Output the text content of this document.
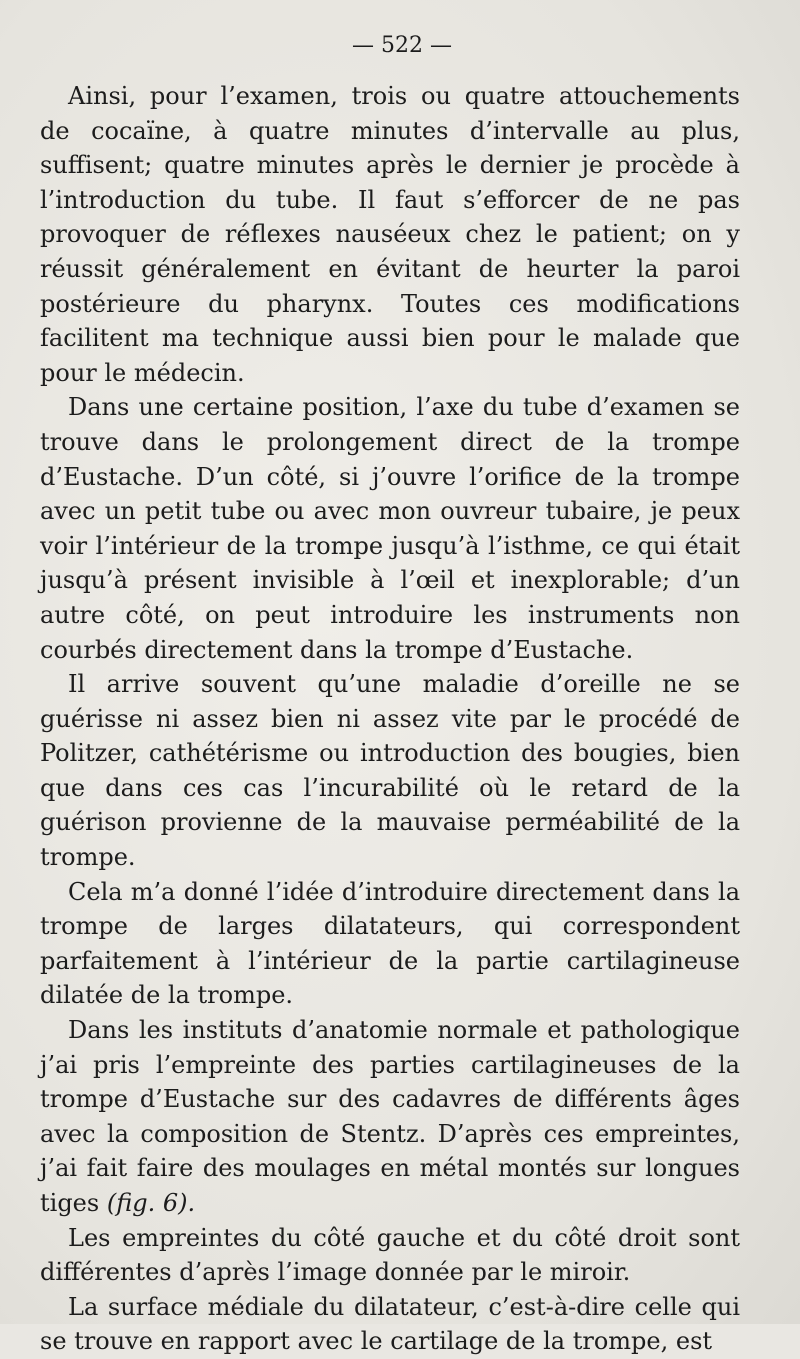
— 522 —

Ainsi, pour l’examen, trois ou quatre attouchements de cocaïne, à quatre minutes d’intervalle au plus, suffisent; quatre minutes après le dernier je procède à l’introduction du tube. Il faut s’efforcer de ne pas provoquer de réflexes nauséeux chez le patient; on y réussit généralement en évitant de heurter la paroi postérieure du pharynx. Toutes ces modifications facilitent ma technique aussi bien pour le malade que pour le médecin.

Dans une certaine position, l’axe du tube d’examen se trouve dans le prolongement direct de la trompe d’Eustache. D’un côté, si j’ouvre l’orifice de la trompe avec un petit tube ou avec mon ouvreur tubaire, je peux voir l’intérieur de la trompe jusqu’à l’isthme, ce qui était jusqu’à présent invisible à l’œil et inexplorable; d’un autre côté, on peut introduire les instruments non courbés directement dans la trompe d’Eustache.

Il arrive souvent qu’une maladie d’oreille ne se guérisse ni assez bien ni assez vite par le procédé de Politzer, cathétérisme ou introduction des bougies, bien que dans ces cas l’incurabilité où le retard de la guérison provienne de la mauvaise perméabilité de la trompe.

Cela m’a donné l’idée d’introduire directement dans la trompe de larges dilatateurs, qui correspondent parfaitement à l’intérieur de la partie cartilagineuse dilatée de la trompe.

Dans les instituts d’anatomie normale et pathologique j’ai pris l’empreinte des parties cartilagineuses de la trompe d’Eustache sur des cadavres de différents âges avec la composition de Stentz. D’après ces empreintes, j’ai fait faire des moulages en métal montés sur longues tiges (fig. 6).

Les empreintes du côté gauche et du côté droit sont différentes d’après l’image donnée par le miroir.

La surface médiale du dilatateur, c’est-à-dire celle qui se trouve en rapport avec le cartilage de la trompe, est
